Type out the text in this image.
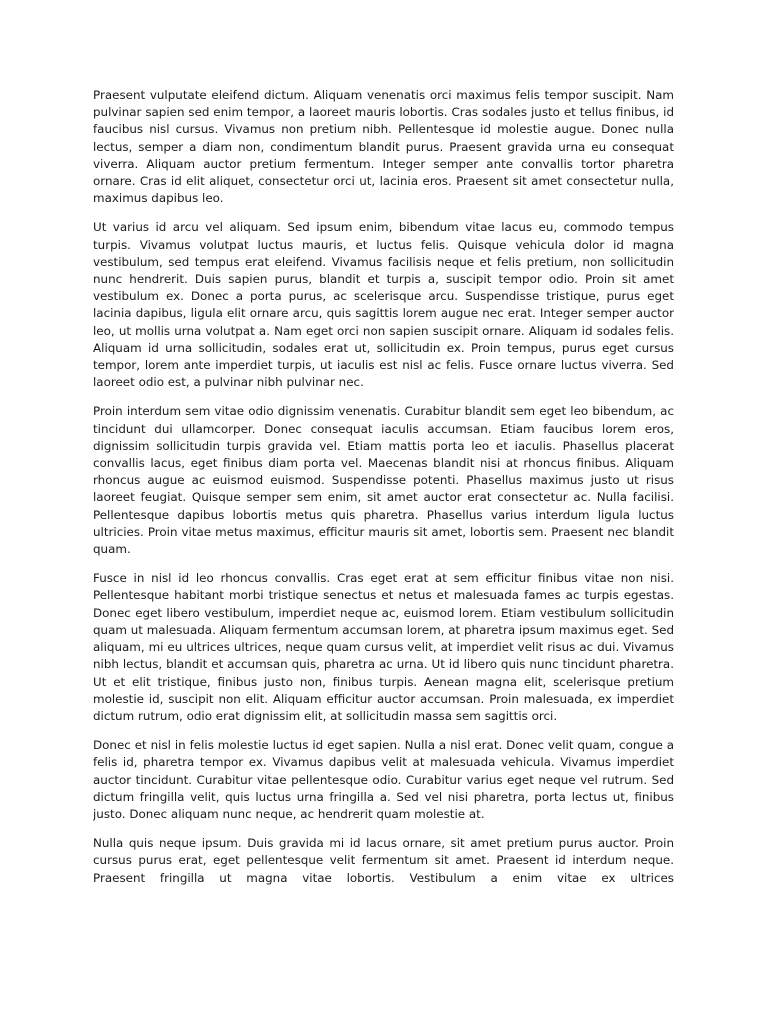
Praesent vulputate eleifend dictum. Aliquam venenatis orci maximus felis tempor suscipit. Nam pulvinar sapien sed enim tempor, a laoreet mauris lobortis. Cras sodales justo et tellus finibus, id faucibus nisl cursus. Vivamus non pretium nibh. Pellentesque id molestie augue. Donec nulla lectus, semper a diam non, condimentum blandit purus. Praesent gravida urna eu consequat viverra. Aliquam auctor pretium fermentum. Integer semper ante convallis tortor pharetra ornare. Cras id elit aliquet, consectetur orci ut, lacinia eros. Praesent sit amet consectetur nulla, maximus dapibus leo.

Ut varius id arcu vel aliquam. Sed ipsum enim, bibendum vitae lacus eu, commodo tempus turpis. Vivamus volutpat luctus mauris, et luctus felis. Quisque vehicula dolor id magna vestibulum, sed tempus erat eleifend. Vivamus facilisis neque et felis pretium, non sollicitudin nunc hendrerit. Duis sapien purus, blandit et turpis a, suscipit tempor odio. Proin sit amet vestibulum ex. Donec a porta purus, ac scelerisque arcu. Suspendisse tristique, purus eget lacinia dapibus, ligula elit ornare arcu, quis sagittis lorem augue nec erat. Integer semper auctor leo, ut mollis urna volutpat a. Nam eget orci non sapien suscipit ornare. Aliquam id sodales felis. Aliquam id urna sollicitudin, sodales erat ut, sollicitudin ex. Proin tempus, purus eget cursus tempor, lorem ante imperdiet turpis, ut iaculis est nisl ac felis. Fusce ornare luctus viverra. Sed laoreet odio est, a pulvinar nibh pulvinar nec.

Proin interdum sem vitae odio dignissim venenatis. Curabitur blandit sem eget leo bibendum, ac tincidunt dui ullamcorper. Donec consequat iaculis accumsan. Etiam faucibus lorem eros, dignissim sollicitudin turpis gravida vel. Etiam mattis porta leo et iaculis. Phasellus placerat convallis lacus, eget finibus diam porta vel. Maecenas blandit nisi at rhoncus finibus. Aliquam rhoncus augue ac euismod euismod. Suspendisse potenti. Phasellus maximus justo ut risus laoreet feugiat. Quisque semper sem enim, sit amet auctor erat consectetur ac. Nulla facilisi. Pellentesque dapibus lobortis metus quis pharetra. Phasellus varius interdum ligula luctus ultricies. Proin vitae metus maximus, efficitur mauris sit amet, lobortis sem. Praesent nec blandit quam.

Fusce in nisl id leo rhoncus convallis. Cras eget erat at sem efficitur finibus vitae non nisi. Pellentesque habitant morbi tristique senectus et netus et malesuada fames ac turpis egestas. Donec eget libero vestibulum, imperdiet neque ac, euismod lorem. Etiam vestibulum sollicitudin quam ut malesuada. Aliquam fermentum accumsan lorem, at pharetra ipsum maximus eget. Sed aliquam, mi eu ultrices ultrices, neque quam cursus velit, at imperdiet velit risus ac dui. Vivamus nibh lectus, blandit et accumsan quis, pharetra ac urna. Ut id libero quis nunc tincidunt pharetra. Ut et elit tristique, finibus justo non, finibus turpis. Aenean magna elit, scelerisque pretium molestie id, suscipit non elit. Aliquam efficitur auctor accumsan. Proin malesuada, ex imperdiet dictum rutrum, odio erat dignissim elit, at sollicitudin massa sem sagittis orci.

Donec et nisl in felis molestie luctus id eget sapien. Nulla a nisl erat. Donec velit quam, congue a felis id, pharetra tempor ex. Vivamus dapibus velit at malesuada vehicula. Vivamus imperdiet auctor tincidunt. Curabitur vitae pellentesque odio. Curabitur varius eget neque vel rutrum. Sed dictum fringilla velit, quis luctus urna fringilla a. Sed vel nisi pharetra, porta lectus ut, finibus justo. Donec aliquam nunc neque, ac hendrerit quam molestie at.

Nulla quis neque ipsum. Duis gravida mi id lacus ornare, sit amet pretium purus auctor. Proin cursus purus erat, eget pellentesque velit fermentum sit amet. Praesent id interdum neque. Praesent fringilla ut magna vitae lobortis. Vestibulum a enim vitae ex ultrices
